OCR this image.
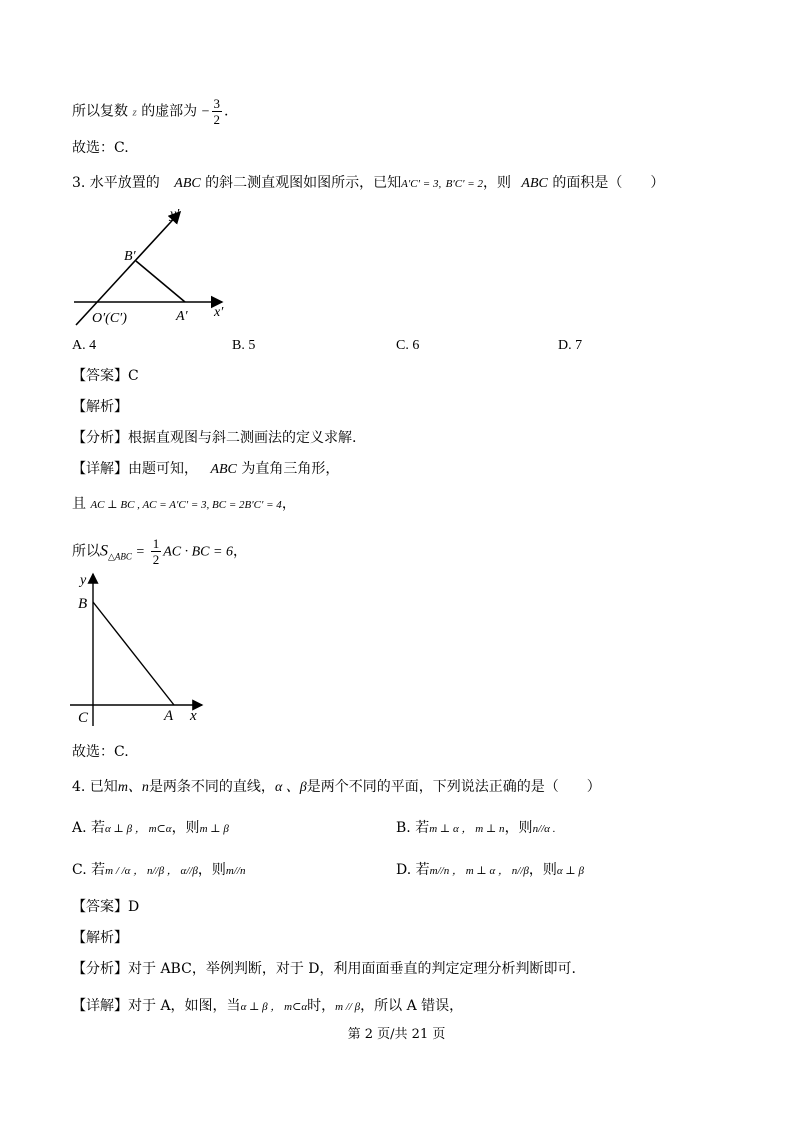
所以复数 z 的虚部为 − $\frac{3}{2}$ .
故选：C.
3. 水平放置的 ABC 的斜二测直观图如图所示，已知A′C′ = 3, B′C′ = 2，则 ABC 的面积是（　　）
y′
B′
O′(C′)	A′ x′
A. 4	B. 5	C. 6	D. 7
【答案】C
【解析】
【分析】根据直观图与斜二测画法的定义求解.
【详解】由题可知， ABC 为直角三角形，
且 AC ⊥ BC , AC = A′C′ = 3, BC = 2B′C′ = 4，
所以$S_{\triangle ABC} = \frac{1}{2}$ AC · BC = 6，
y
B
C	A x
故选：C.
4. 已知m、n是两条不同的直线，α 、β是两个不同的平面，下列说法正确的是（　　）
A. 若α ⊥ β ， m⊂α，则m ⊥ β	B. 若m ⊥ α ， m ⊥ n，则n//α .
C. 若m / /α ， n//β ， α//β，则m//n	D. 若m//n ， m ⊥ α ， n//β，则α ⊥ β
【答案】D
【解析】
【分析】对于 ABC，举例判断，对于 D，利用面面垂直的判定定理分析判断即可.
【详解】对于 A，如图，当α ⊥ β ， m⊂α时，m // β，所以 A 错误，
第 2 页/共 21 页
